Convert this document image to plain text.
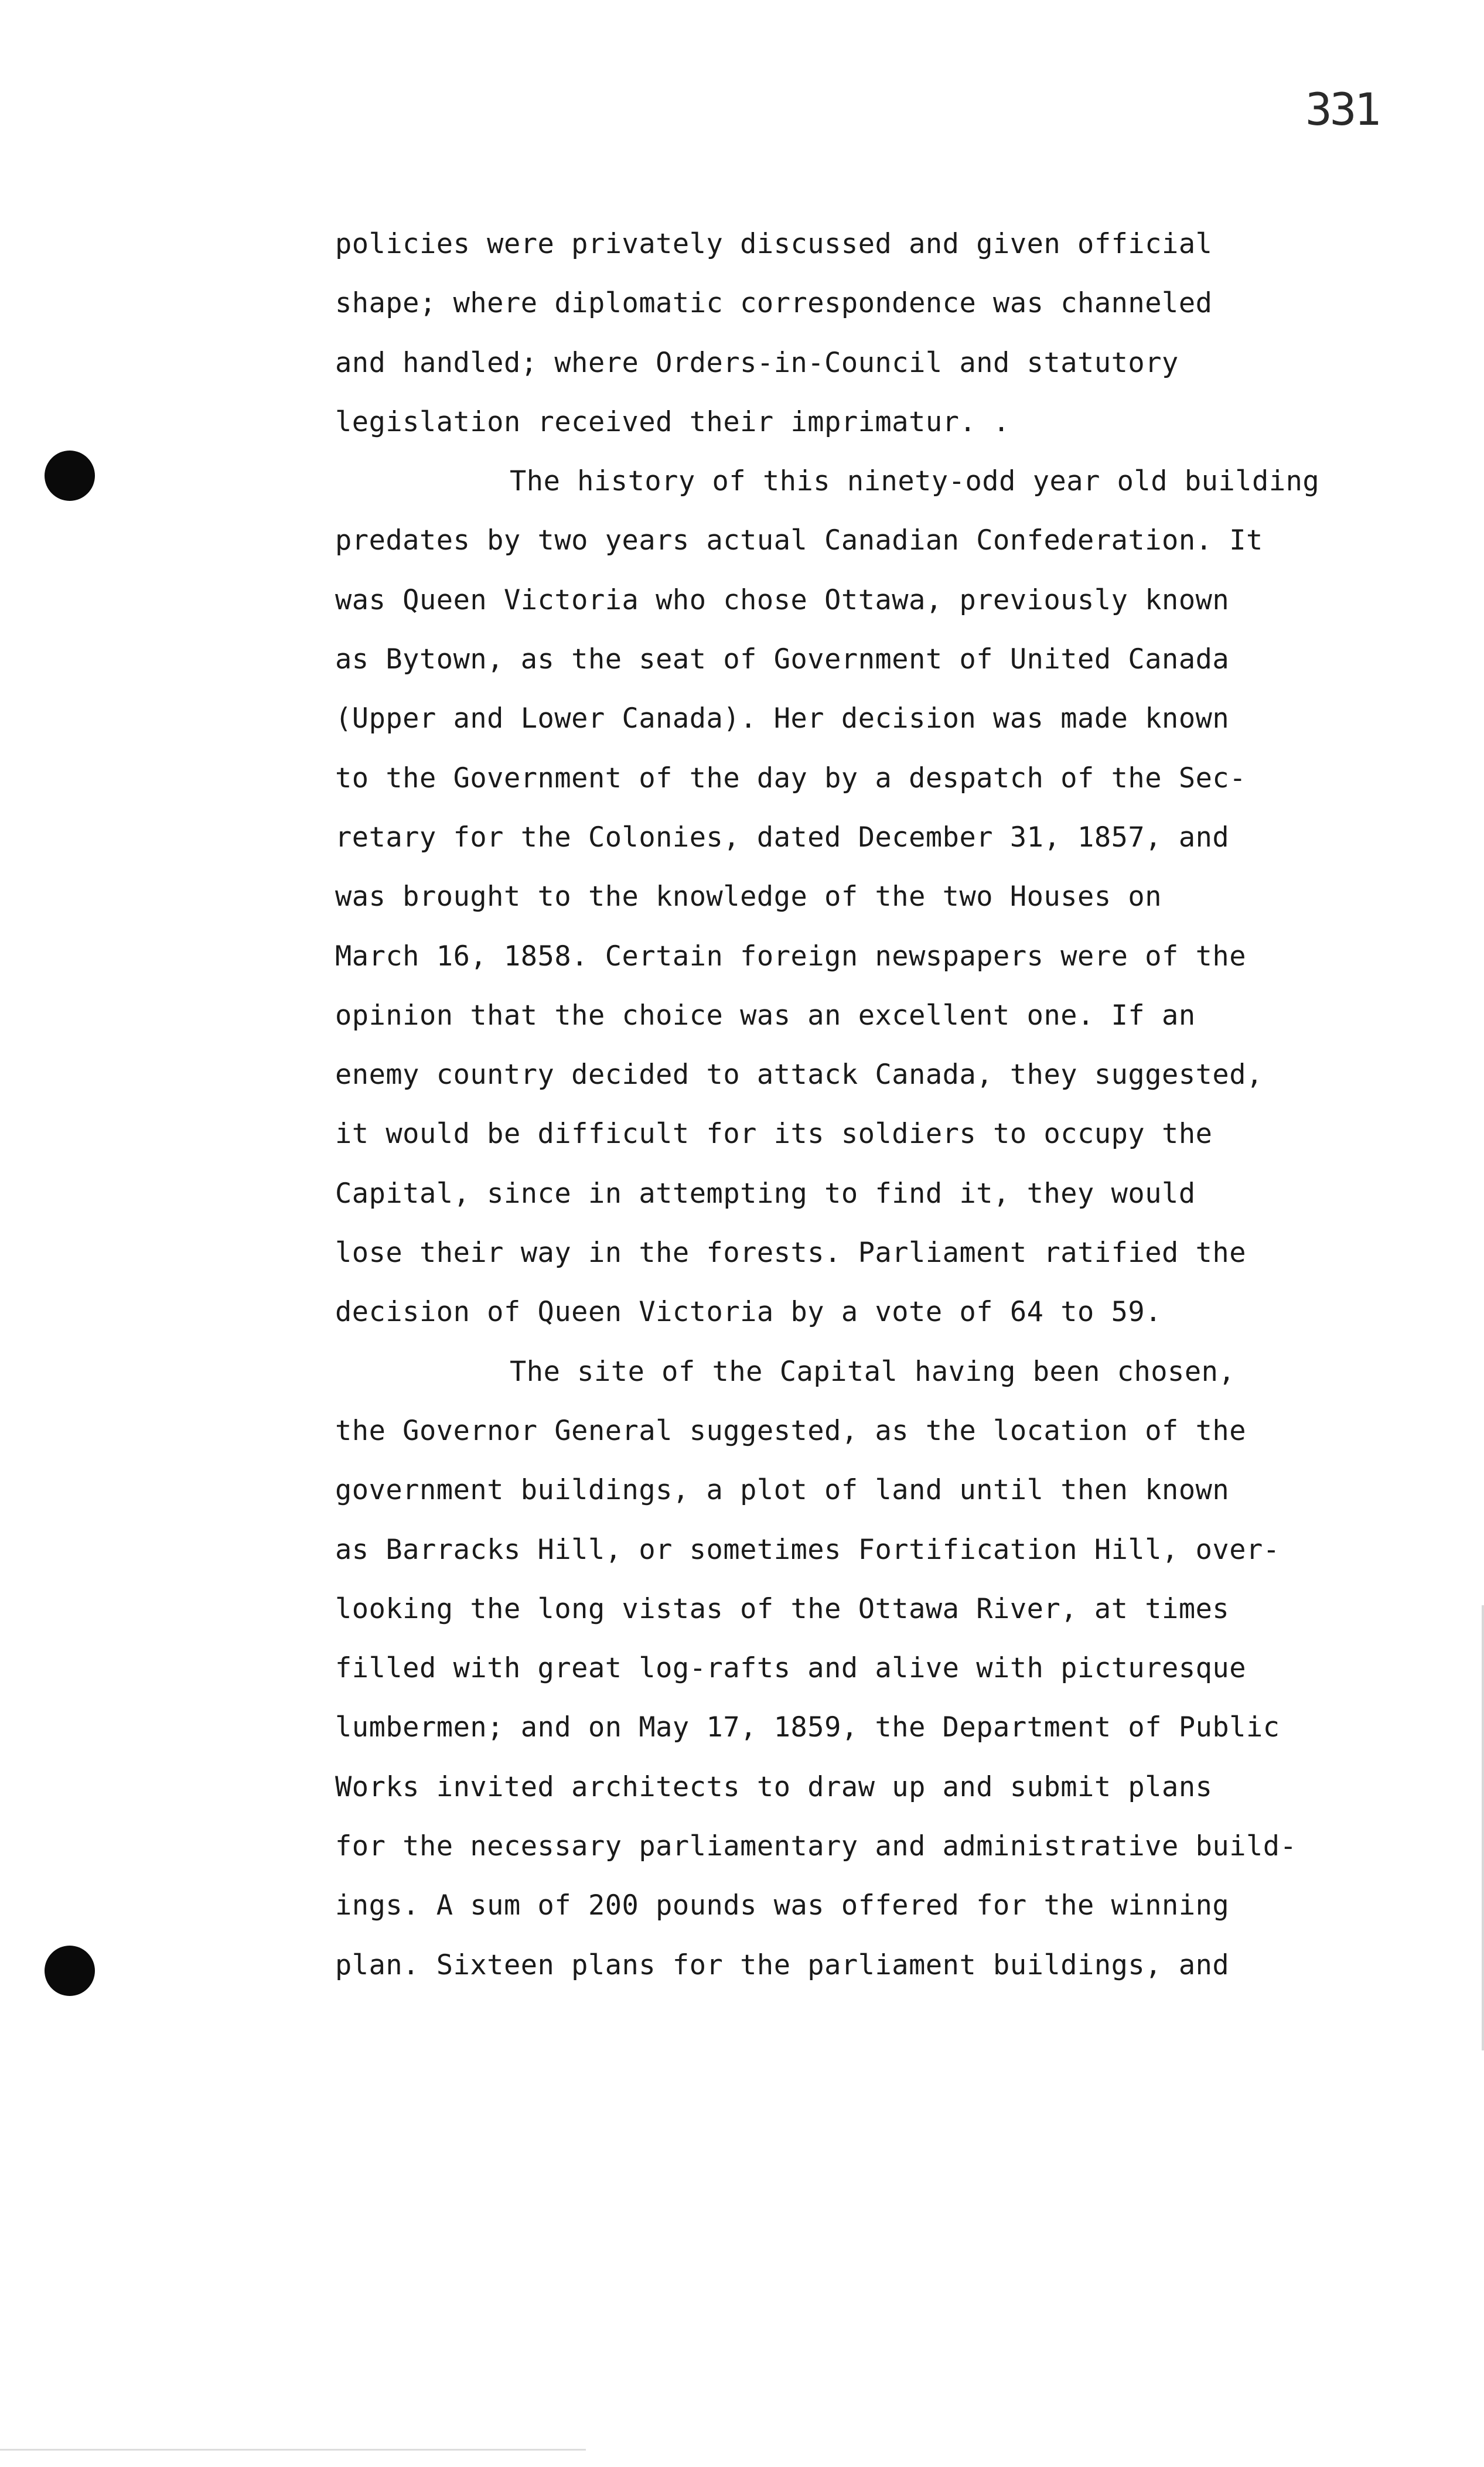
331
policies were privately discussed and given official
shape; where diplomatic correspondence was channeled
and handled; where Orders-in-Council and statutory
legislation received their imprimatur. .
The history of this ninety-odd year old building
predates by two years actual Canadian Confederation. It
was Queen Victoria who chose Ottawa, previously known
as Bytown, as the seat of Government of United Canada
(Upper and Lower Canada). Her decision was made known
to the Government of the day by a despatch of the Sec-
retary for the Colonies, dated December 31, 1857, and
was brought to the knowledge of the two Houses on
March 16, 1858. Certain foreign newspapers were of the
opinion that the choice was an excellent one. If an
enemy country decided to attack Canada, they suggested,
it would be difficult for its soldiers to occupy the
Capital, since in attempting to find it, they would
lose their way in the forests. Parliament ratified the
decision of Queen Victoria by a vote of 64 to 59.
The site of the Capital having been chosen,
the Governor General suggested, as the location of the
government buildings, a plot of land until then known
as Barracks Hill, or sometimes Fortification Hill, over-
looking the long vistas of the Ottawa River, at times
filled with great log-rafts and alive with picturesque
lumbermen; and on May 17, 1859, the Department of Public
Works invited architects to draw up and submit plans
for the necessary parliamentary and administrative build-
ings. A sum of 200 pounds was offered for the winning
plan. Sixteen plans for the parliament buildings, and
